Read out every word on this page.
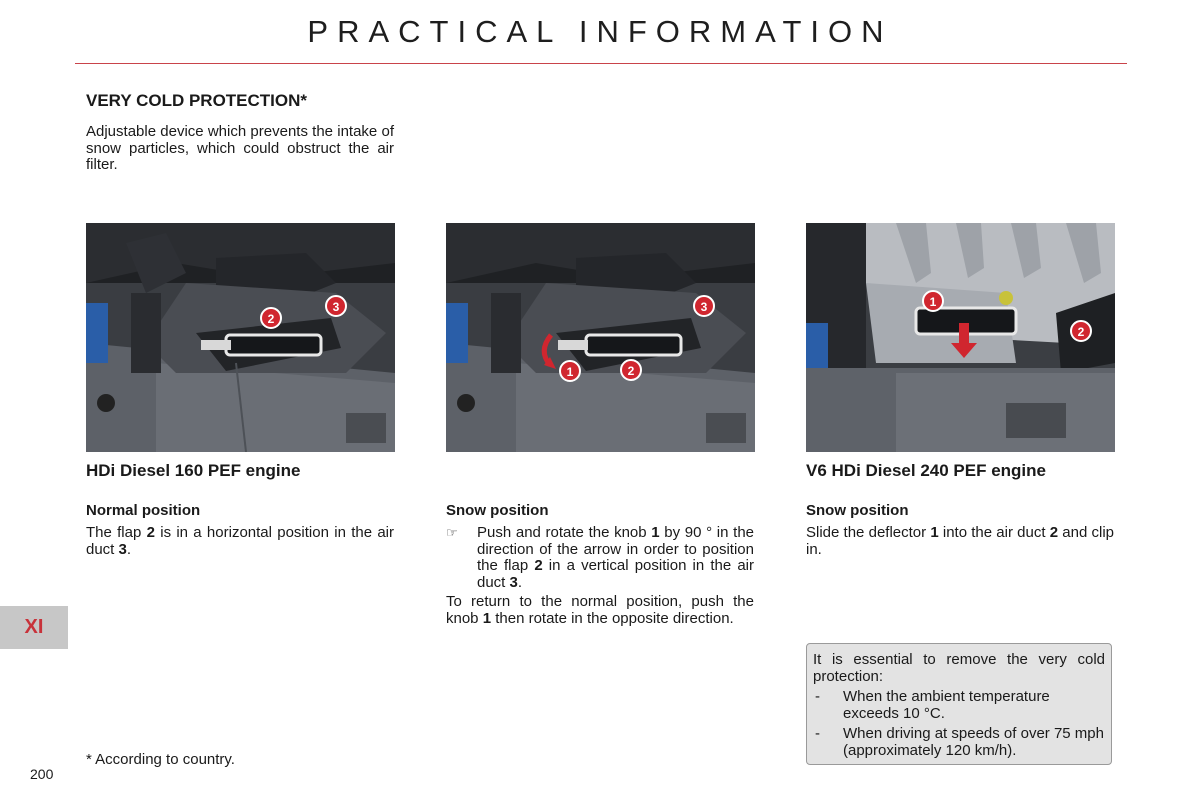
PRACTICAL INFORMATION
VERY COLD PROTECTION*
Adjustable device which prevents the intake of snow particles, which could obstruct the air filter.
2
3	3
1	2
1
2
HDi Diesel 160 PEF engine
Normal position
The flap 2 is in a horizontal position in the air duct 3.
Snow position
☞ Push and rotate the knob 1 by 90 ° in the direction of the arrow in order to position the flap 2 in a vertical position in the air duct 3.
To return to the normal position, push the knob 1 then rotate in the opposite direction.
V6 HDi Diesel 240 PEF engine
Snow position
Slide the deflector 1 into the air duct 2 and clip in.
It is essential to remove the very cold protection:
- When the ambient temperature exceeds 10 °C.
- When driving at speeds of over 75 mph (approximately 120 km/h).
XI
* According to country.
200
